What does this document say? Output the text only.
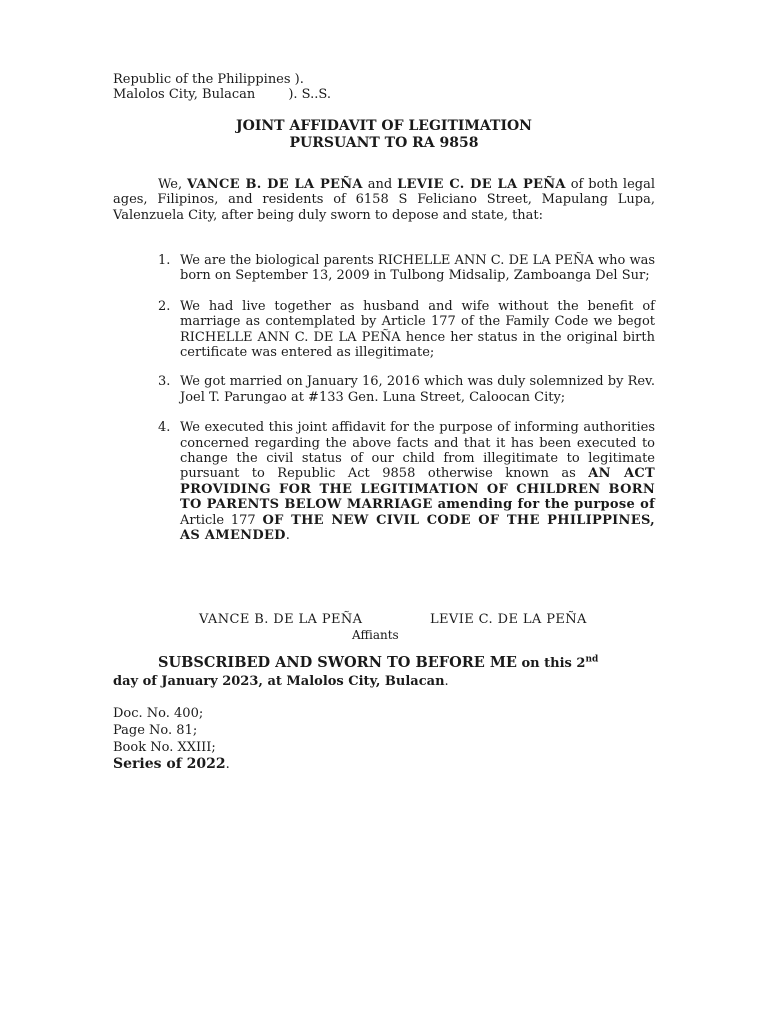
Republic of the Philippines ).
Malolos City, Bulacan        ). S..S.
JOINT AFFIDAVIT OF LEGITIMATION
PURSUANT TO RA 9858
We, VANCE B. DE LA PEÑA and LEVIE C. DE LA PEÑA of both legal ages, Filipinos, and residents of 6158 S Feliciano Street, Mapulang Lupa, Valenzuela City, after being duly sworn to depose and state, that:
1. We are the biological parents RICHELLE ANN C. DE LA PEÑA who was born on September 13, 2009 in Tulbong Midsalip, Zamboanga Del Sur;
2. We had live together as husband and wife without the benefit of marriage as contemplated by Article 177 of the Family Code we begot RICHELLE ANN C. DE LA PEÑA hence her status in the original birth certificate was entered as illegitimate;
3. We got married on January 16, 2016 which was duly solemnized by Rev. Joel T. Parungao at #133 Gen. Luna Street, Caloocan City;
4. We executed this joint affidavit for the purpose of informing authorities concerned regarding the above facts and that it has been executed to change the civil status of our child from illegitimate to legitimate pursuant to Republic Act 9858 otherwise known as AN ACT PROVIDING FOR THE LEGITIMATION OF CHILDREN BORN TO PARENTS BELOW MARRIAGE amending for the purpose of Article 177 OF THE NEW CIVIL CODE OF THE PHILIPPINES, AS AMENDED.
VANCE B. DE LA PEÑA	LEVIE C. DE LA PEÑA
Affiants
SUBSCRIBED AND SWORN TO BEFORE ME on this 2nd
day of January 2023, at Malolos City, Bulacan.
Doc. No. 400;
Page No. 81;
Book No. XXIII;
Series of 2022.
